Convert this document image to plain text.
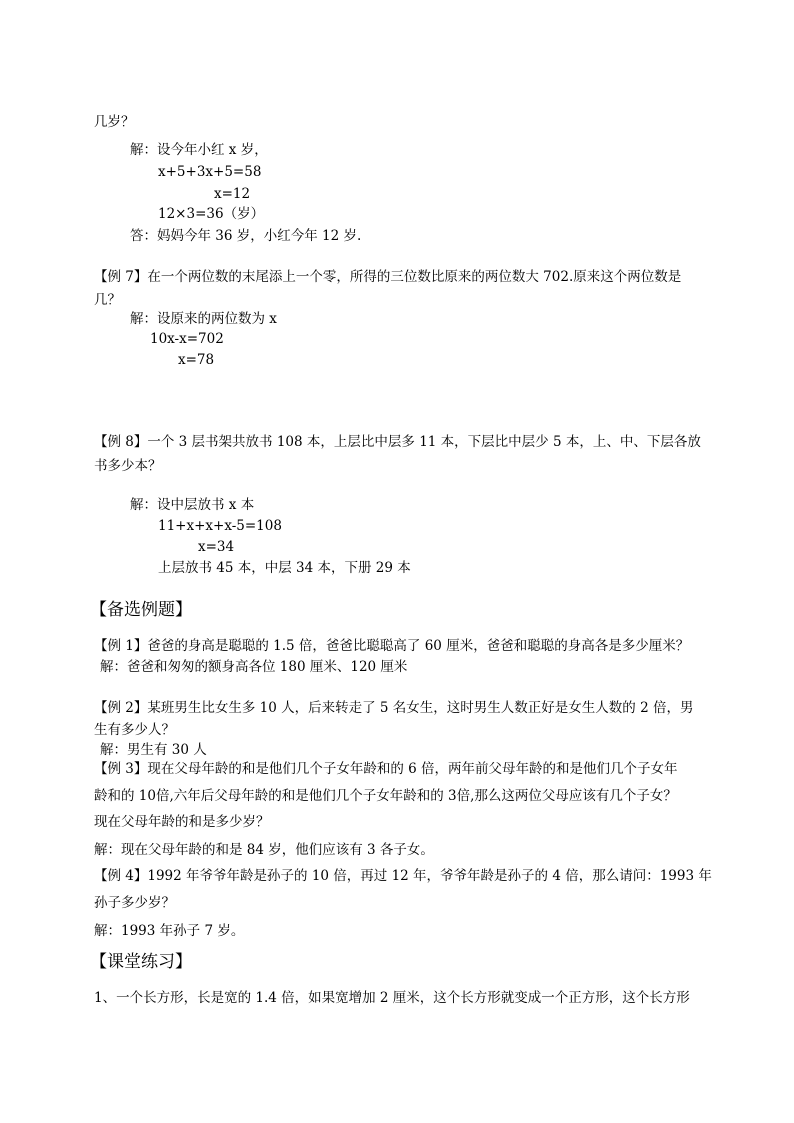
几岁？
解：设今年小红 x 岁，
x+5+3x+5=58
x=12
12×3=36（岁）
答：妈妈今年 36 岁，小红今年 12 岁.
【例 7】在一个两位数的末尾添上一个零，所得的三位数比原来的两位数大 702.原来这个两位数是
几？
解：设原来的两位数为 x
10x-x=702
x=78
【例 8】一个 3 层书架共放书 108 本，上层比中层多 11 本，下层比中层少 5 本，上、中、下层各放
书多少本？
解：设中层放书 x 本
11+x+x+x-5=108
x=34
上层放书 45 本，中层 34 本，下册 29 本
【备选例题】
【例 1】爸爸的身高是聪聪的 1.5 倍，爸爸比聪聪高了 60 厘米，爸爸和聪聪的身高各是多少厘米？
解：爸爸和匆匆的额身高各位 180 厘米、120 厘米
【例 2】某班男生比女生多 10 人，后来转走了 5 名女生，这时男生人数正好是女生人数的 2 倍，男
生有多少人？
解：男生有 30 人
【例 3】现在父母年龄的和是他们几个子女年龄和的 6 倍，两年前父母年龄的和是他们几个子女年
龄和的 10倍,六年后父母年龄的和是他们几个子女年龄和的 3倍,那么这两位父母应该有几个子女？
现在父母年龄的和是多少岁？
解：现在父母年龄的和是 84 岁，他们应该有 3 各子女。
【例 4】1992 年爷爷年龄是孙子的 10 倍，再过 12 年，爷爷年龄是孙子的 4 倍，那么请问：1993 年
孙子多少岁？
解：1993 年孙子 7 岁。
【课堂练习】
1、一个长方形，长是宽的 1.4 倍，如果宽增加 2 厘米，这个长方形就变成一个正方形，这个长方形
